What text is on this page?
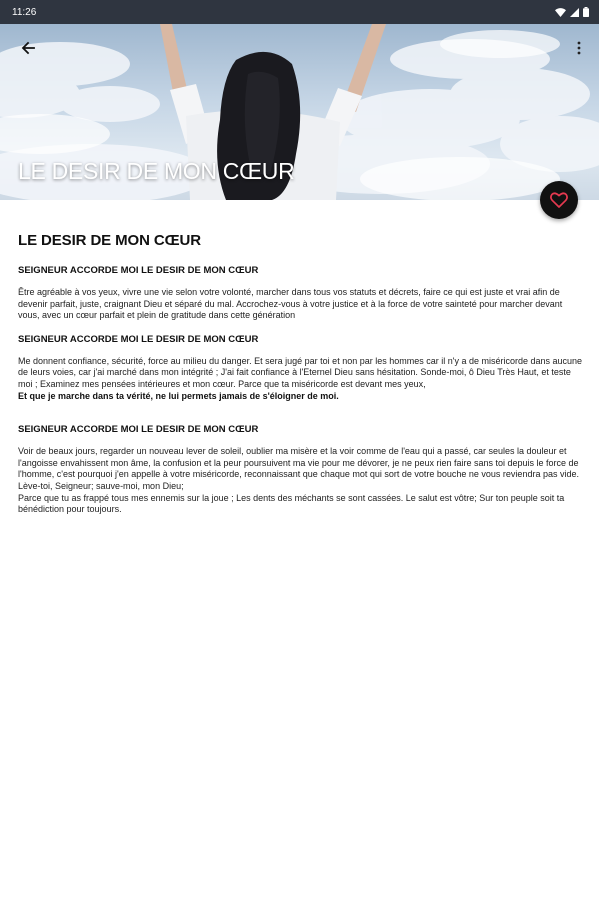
11:26
LE DESIR DE MON CŒUR
LE DESIR DE MON CŒUR
SEIGNEUR ACCORDE MOI LE DESIR DE MON CŒUR

Être agréable à vos yeux, vivre une vie selon votre volonté, marcher dans tous vos statuts et décrets, faire ce qui est juste et vrai afin de devenir parfait, juste, craignant Dieu et séparé du mal. Accrochez-vous à votre justice et à la force de votre sainteté pour marcher devant vous, avec un cœur parfait et plein de gratitude dans cette génération

SEIGNEUR ACCORDE MOI LE DESIR DE MON CŒUR

Me donnent confiance, sécurité, force au milieu du danger. Et sera jugé par toi et non par les hommes car il n'y a de miséricorde dans aucune de leurs voies, car j'ai marché dans mon intégrité ; J'ai fait confiance à l'Eternel Dieu sans hésitation. Sonde-moi, ô Dieu Très Haut, et teste moi ; Examinez mes pensées intérieures et mon cœur. Parce que ta miséricorde est devant mes yeux,
Et que je marche dans ta vérité, ne lui permets jamais de s'éloigner de moi.

SEIGNEUR ACCORDE MOI LE DESIR DE MON CŒUR

Voir de beaux jours, regarder un nouveau lever de soleil, oublier ma misère et la voir comme de l'eau qui a passé, car seules la douleur et l'angoisse envahissent mon âme, la confusion et la peur poursuivent ma vie pour me dévorer, je ne peux rien faire sans toi depuis le force de l'homme, c'est pourquoi j'en appelle à votre miséricorde, reconnaissant que chaque mot qui sort de votre bouche ne vous reviendra pas vide. Lève-toi, Seigneur; sauve-moi, mon Dieu;
Parce que tu as frappé tous mes ennemis sur la joue ; Les dents des méchants se sont cassées. Le salut est vôtre; Sur ton peuple soit ta bénédiction pour toujours.
